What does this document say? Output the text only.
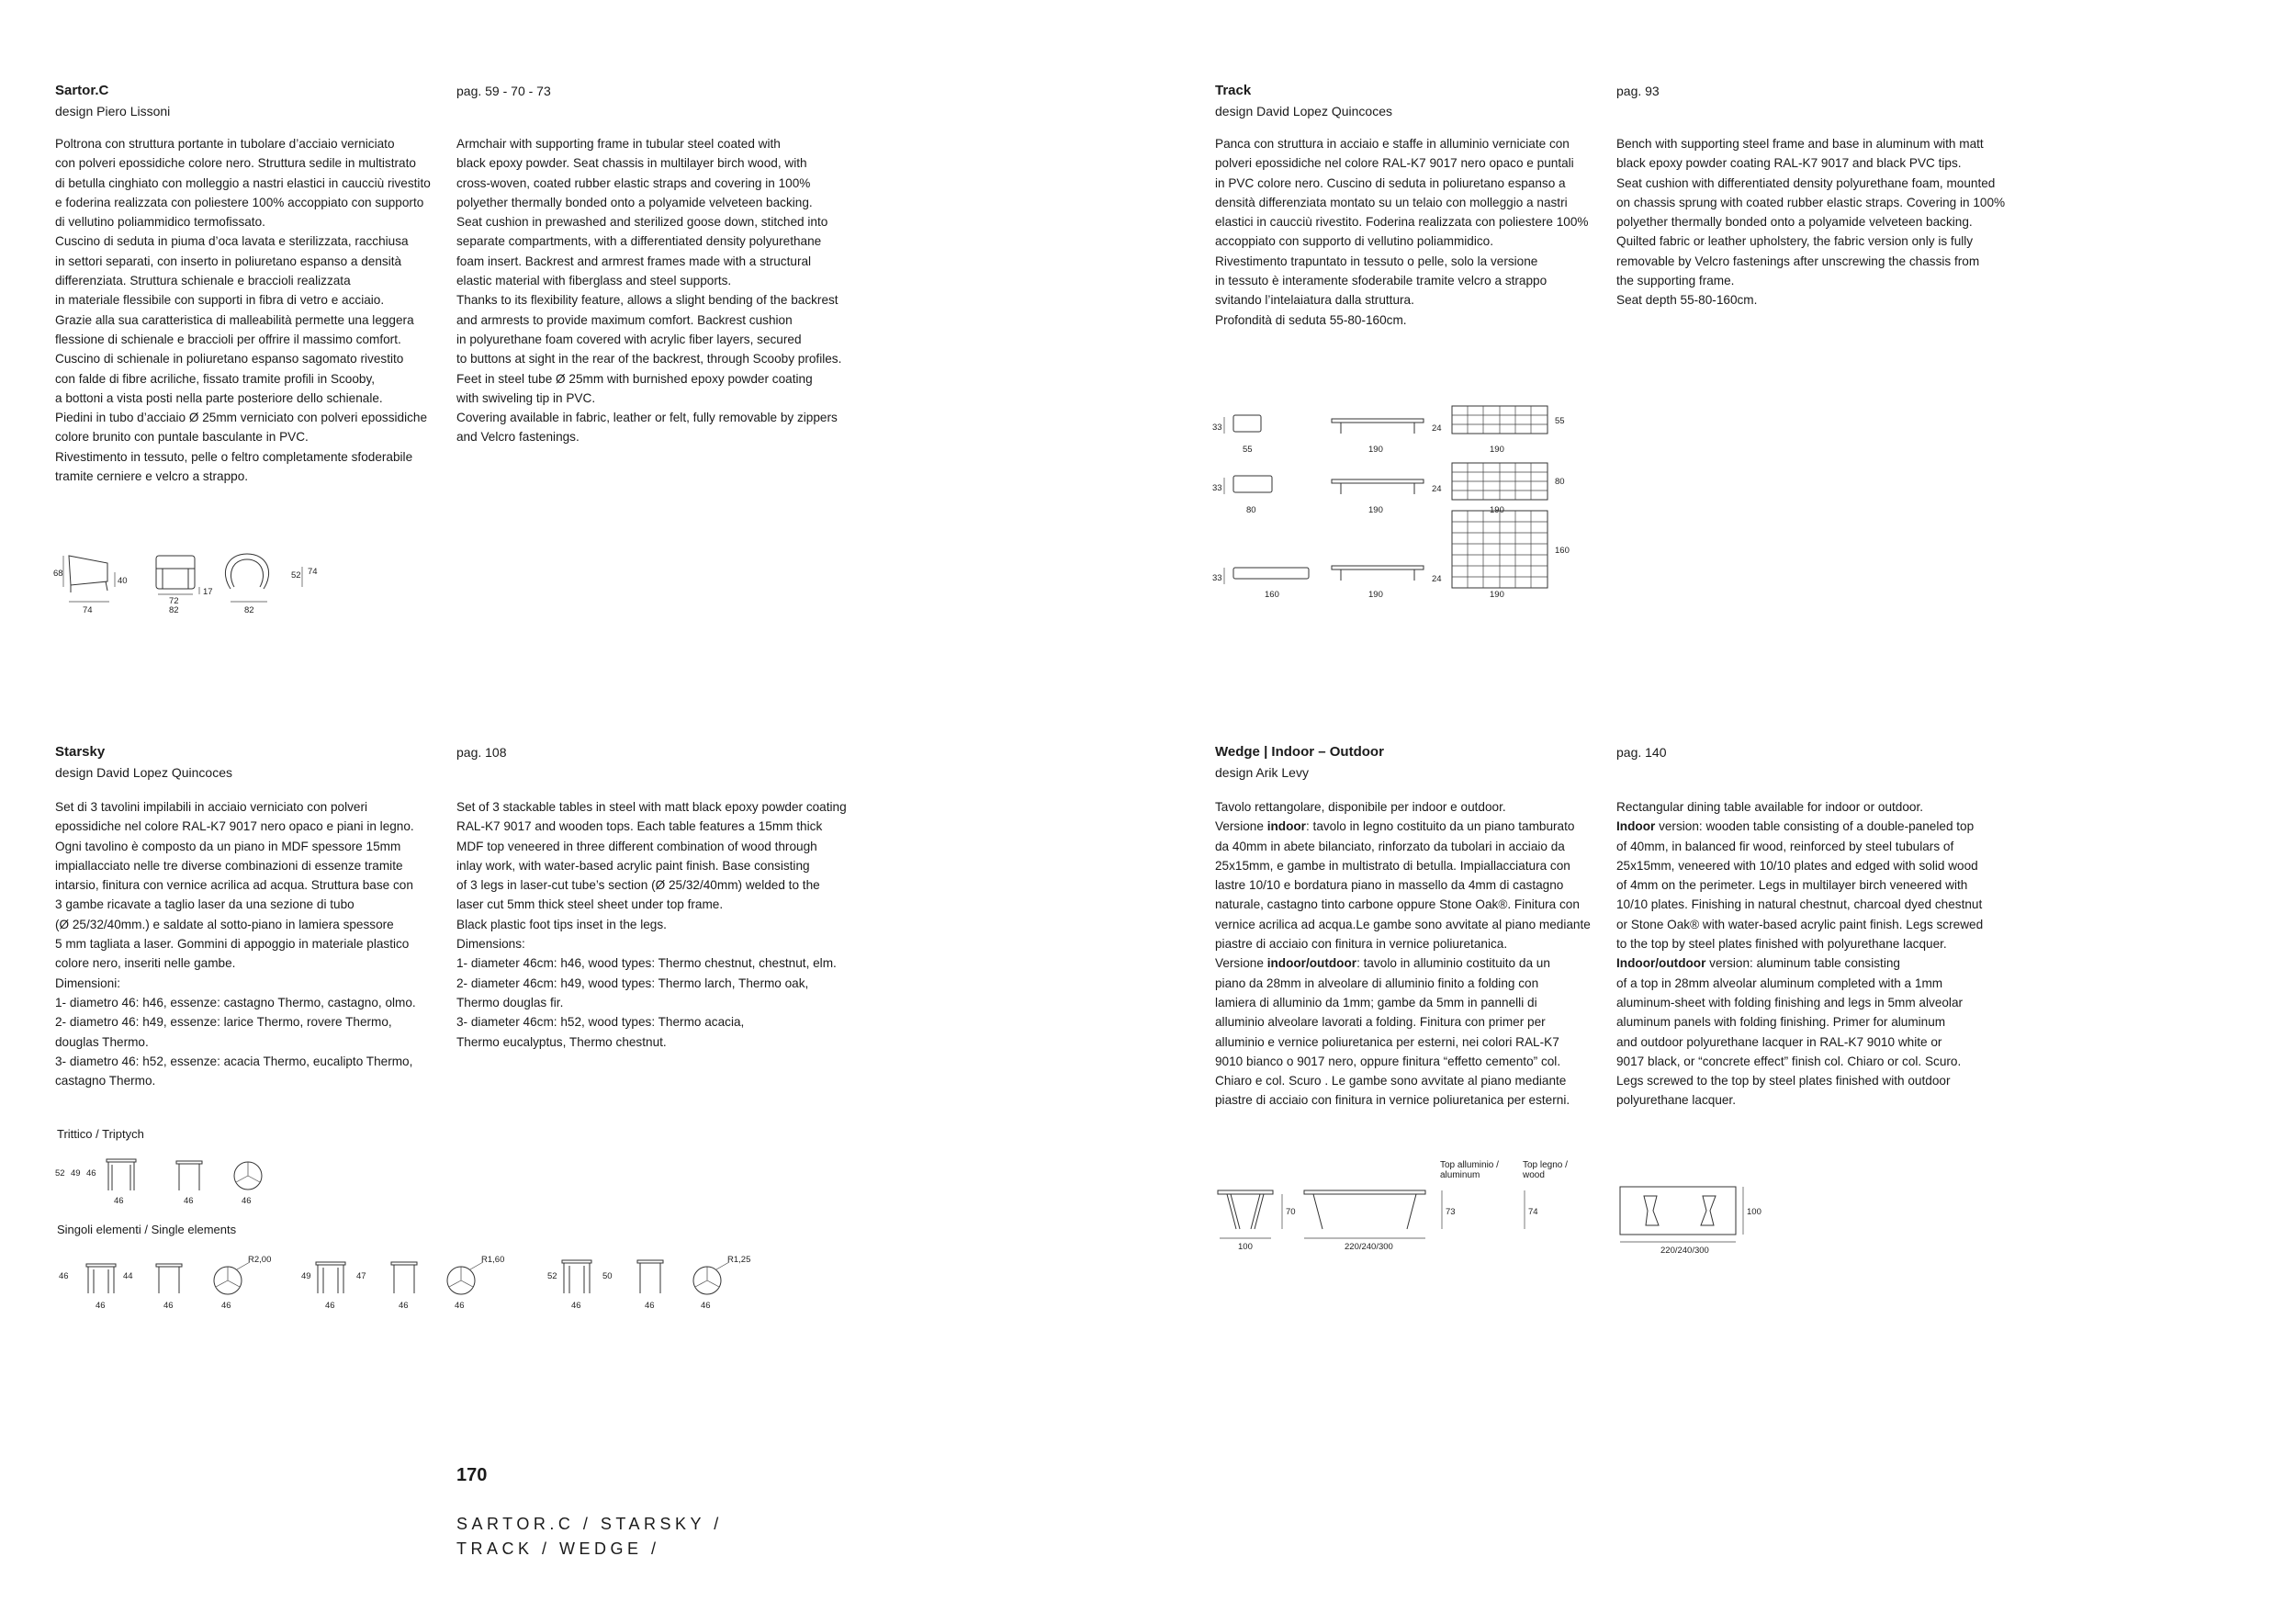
Sartor.C
design Piero Lissoni
pag. 59 - 70 - 73
Poltrona con struttura portante in tubolare d’acciaio verniciato
con polveri epossidiche colore nero. Struttura sedile in multistrato
di betulla cinghiato con molleggio a nastri elastici in caucciù rivestito
e foderina realizzata con poliestere 100% accoppiato con supporto
di vellutino poliammidico termofissato.
Cuscino di seduta in piuma d’oca lavata e sterilizzata, racchiusa
in settori separati, con inserto in poliuretano espanso a densità
differenziata. Struttura schienale e braccioli realizzata
in materiale flessibile con supporti in fibra di vetro e acciaio.
Grazie alla sua caratteristica di malleabilità permette una leggera
flessione di schienale e braccioli per offrire il massimo comfort.
Cuscino di schienale in poliuretano espanso sagomato rivestito
con falde di fibre acriliche, fissato tramite profili in Scooby,
a bottoni a vista posti nella parte posteriore dello schienale.
Piedini in tubo d’acciaio Ø 25mm verniciato con polveri epossidiche
colore brunito con puntale basculante in PVC.
Rivestimento in tessuto, pelle o feltro completamente sfoderabile
tramite cerniere e velcro a strappo.
Armchair with supporting frame in tubular steel coated with
black epoxy powder. Seat chassis in multilayer birch wood, with
cross-woven, coated rubber elastic straps and covering in 100%
polyether thermally bonded onto a polyamide velveteen backing.
Seat cushion in prewashed and sterilized goose down, stitched into
separate compartments, with a differentiated density polyurethane
foam insert. Backrest and armrest frames made with a structural
elastic material with fiberglass and steel supports.
Thanks to its flexibility feature, allows a slight bending of the backrest
and armrests to provide maximum comfort. Backrest cushion
in polyurethane foam covered with acrylic fiber layers, secured
to buttons at sight in the rear of the backrest, through Scooby profiles.
Feet in steel tube Ø 25mm with burnished epoxy powder coating
with swiveling tip in PVC.
Covering available in fabric, leather or felt, fully removable by zippers
and Velcro fastenings.
68
40
74
72
82
17
82
52 74
Track
design David Lopez Quincoces
pag. 93
Panca con struttura in acciaio e staffe in alluminio verniciate con
polveri epossidiche nel colore RAL-K7 9017 nero opaco e puntali
in PVC colore nero. Cuscino di seduta in poliuretano espanso a
densità differenziata montato su un telaio con molleggio a nastri
elastici in caucciù rivestito. Foderina realizzata con poliestere 100%
accoppiato con supporto di vellutino poliammidico.
Rivestimento trapuntato in tessuto o pelle, solo la versione
in tessuto è interamente sfoderabile tramite velcro a strappo
svitando l’intelaiatura dalla struttura.
Profondità di seduta 55-80-160cm.
Bench with supporting steel frame and base in aluminum with matt
black epoxy powder coating RAL-K7 9017 and black PVC tips.
Seat cushion with differentiated density polyurethane foam, mounted
on chassis sprung with coated rubber elastic straps. Covering in 100%
polyether thermally bonded onto a polyamide velveteen backing.
Quilted fabric or leather upholstery, the fabric version only is fully
removable by Velcro fastenings after unscrewing the chassis from
the supporting frame.
Seat depth 55-80-160cm.
33
55	190
24
55
190
33
80	190
24
80
190
33
160	190
24
160
190
Starsky
design David Lopez Quincoces
pag. 108
Set di 3 tavolini impilabili in acciaio verniciato con polveri
epossidiche nel colore RAL-K7 9017 nero opaco e piani in legno.
Ogni tavolino è composto da un piano in MDF spessore 15mm
impiallacciato nelle tre diverse combinazioni di essenze tramite
intarsio, finitura con vernice acrilica ad acqua. Struttura base con
3 gambe ricavate a taglio laser da una sezione di tubo
(Ø 25/32/40mm.) e saldate al sotto-piano in lamiera spessore
5 mm tagliata a laser. Gommini di appoggio in materiale plastico
colore nero, inseriti nelle gambe.
Dimensioni:
1- diametro 46: h46, essenze: castagno Thermo, castagno, olmo.
2- diametro 46: h49, essenze: larice Thermo, rovere Thermo,
douglas Thermo.
3- diametro 46: h52, essenze: acacia Thermo, eucalipto Thermo,
castagno Thermo.
Set of 3 stackable tables in steel with matt black epoxy powder coating
RAL-K7 9017 and wooden tops. Each table features a 15mm thick
MDF top veneered in three different combination of wood through
inlay work, with water-based acrylic paint finish. Base consisting
of 3 legs in laser-cut tube’s section (Ø 25/32/40mm) welded to the
laser cut 5mm thick steel sheet under top frame.
Black plastic foot tips inset in the legs.
Dimensions:
1- diameter 46cm: h46, wood types: Thermo chestnut, chestnut, elm.
2- diameter 46cm: h49, wood types: Thermo larch, Thermo oak,
Thermo douglas fir.
3- diameter 46cm: h52, wood types: Thermo acacia,
Thermo eucalyptus, Thermo chestnut.
Trittico / Triptych
52 49 46
46	46	46
Singoli elementi / Single elements
46	44
46	46
R2,00
46
49	47
46	46
R1,60
46
52	50
46	46
R1,25
46
Wedge | Indoor – Outdoor
design Arik Levy
pag. 140
Tavolo rettangolare, disponibile per indoor e outdoor.
Versione indoor: tavolo in legno costituito da un piano tamburato
da 40mm in abete bilanciato, rinforzato da tubolari in acciaio da
25x15mm, e gambe in multistrato di betulla. Impiallacciatura con
lastre 10/10 e bordatura piano in massello da 4mm di castagno
naturale, castagno tinto carbone oppure Stone Oak®. Finitura con
vernice acrilica ad acqua.Le gambe sono avvitate al piano mediante
piastre di acciaio con finitura in vernice poliuretanica.
Versione indoor/outdoor: tavolo in alluminio costituito da un
piano da 28mm in alveolare di alluminio finito a folding con
lamiera di alluminio da 1mm; gambe da 5mm in pannelli di
alluminio alveolare lavorati a folding. Finitura con primer per
alluminio e vernice poliuretanica per esterni, nei colori RAL-K7
9010 bianco o 9017 nero, oppure finitura “effetto cemento” col.
Chiaro e col. Scuro . Le gambe sono avvitate al piano mediante
piastre di acciaio con finitura in vernice poliuretanica per esterni.
Rectangular dining table available for indoor or outdoor.
Indoor version: wooden table consisting of a double-paneled top
of 40mm, in balanced fir wood, reinforced by steel tubulars of
25x15mm, veneered with 10/10 plates and edged with solid wood
of 4mm on the perimeter. Legs in multilayer birch veneered with
10/10 plates. Finishing in natural chestnut, charcoal dyed chestnut
or Stone Oak® with water-based acrylic paint finish. Legs screwed
to the top by steel plates finished with polyurethane lacquer.
Indoor/outdoor version: aluminum table consisting
of a top in 28mm alveolar aluminum completed with a 1mm
aluminum-sheet with folding finishing and legs in 5mm alveolar
aluminum panels with folding finishing. Primer for aluminum
and outdoor polyurethane lacquer in RAL-K7 9010 white or
9017 black, or “concrete effect” finish col. Chiaro or col. Scuro.
Legs screwed to the top by steel plates finished with outdoor
polyurethane lacquer.
Top alluminio /
aluminum
Top legno /
wood
100
70
220/240/300
73	74
220/240/300
100
170
SARTOR.C / STARSKY /
TRACK / WEDGE /
